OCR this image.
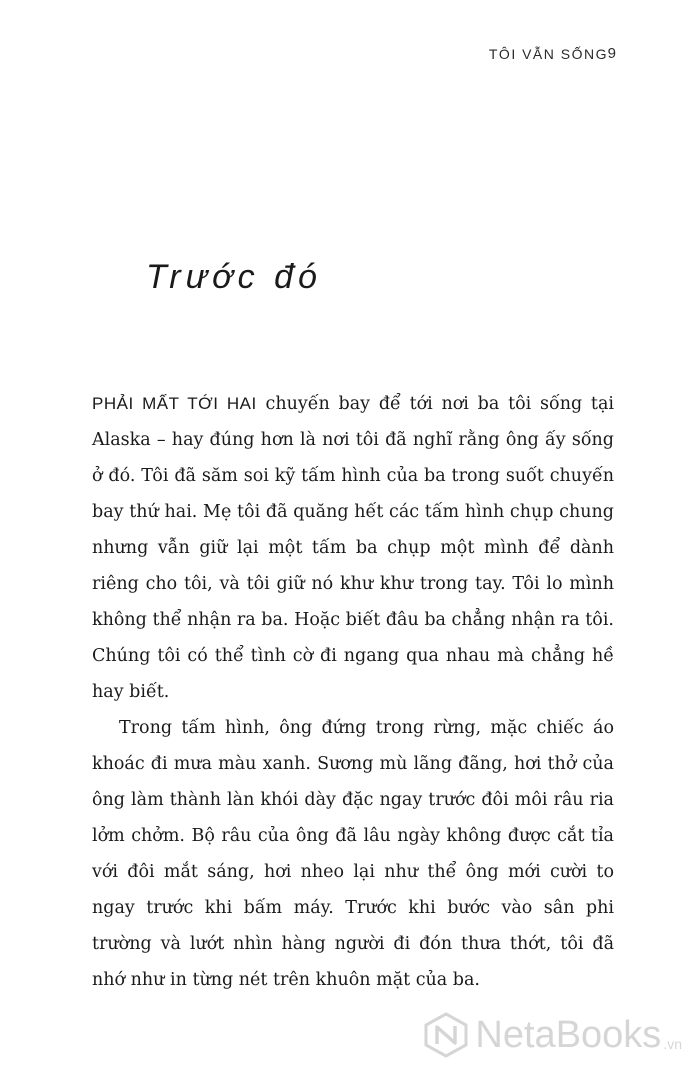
TÔI VẪN SỐNG 9
Trước đó

PHẢI MẤT TỚI HAI chuyến bay để tới nơi ba tôi sống tại Alaska – hay đúng hơn là nơi tôi đã nghĩ rằng ông ấy sống ở đó. Tôi đã săm soi kỹ tấm hình của ba trong suốt chuyến bay thứ hai. Mẹ tôi đã quăng hết các tấm hình chụp chung nhưng vẫn giữ lại một tấm ba chụp một mình để dành riêng cho tôi, và tôi giữ nó khư khư trong tay. Tôi lo mình không thể nhận ra ba. Hoặc biết đâu ba chẳng nhận ra tôi. Chúng tôi có thể tình cờ đi ngang qua nhau mà chẳng hề hay biết.

Trong tấm hình, ông đứng trong rừng, mặc chiếc áo khoác đi mưa màu xanh. Sương mù lãng đãng, hơi thở của ông làm thành làn khói dày đặc ngay trước đôi môi râu ria lởm chởm. Bộ râu của ông đã lâu ngày không được cắt tỉa với đôi mắt sáng, hơi nheo lại như thể ông mới cười to ngay trước khi bấm máy. Trước khi bước vào sân phi trường và lướt nhìn hàng người đi đón thưa thớt, tôi đã nhớ như in từng nét trên khuôn mặt của ba.

NetaBooks .vn
